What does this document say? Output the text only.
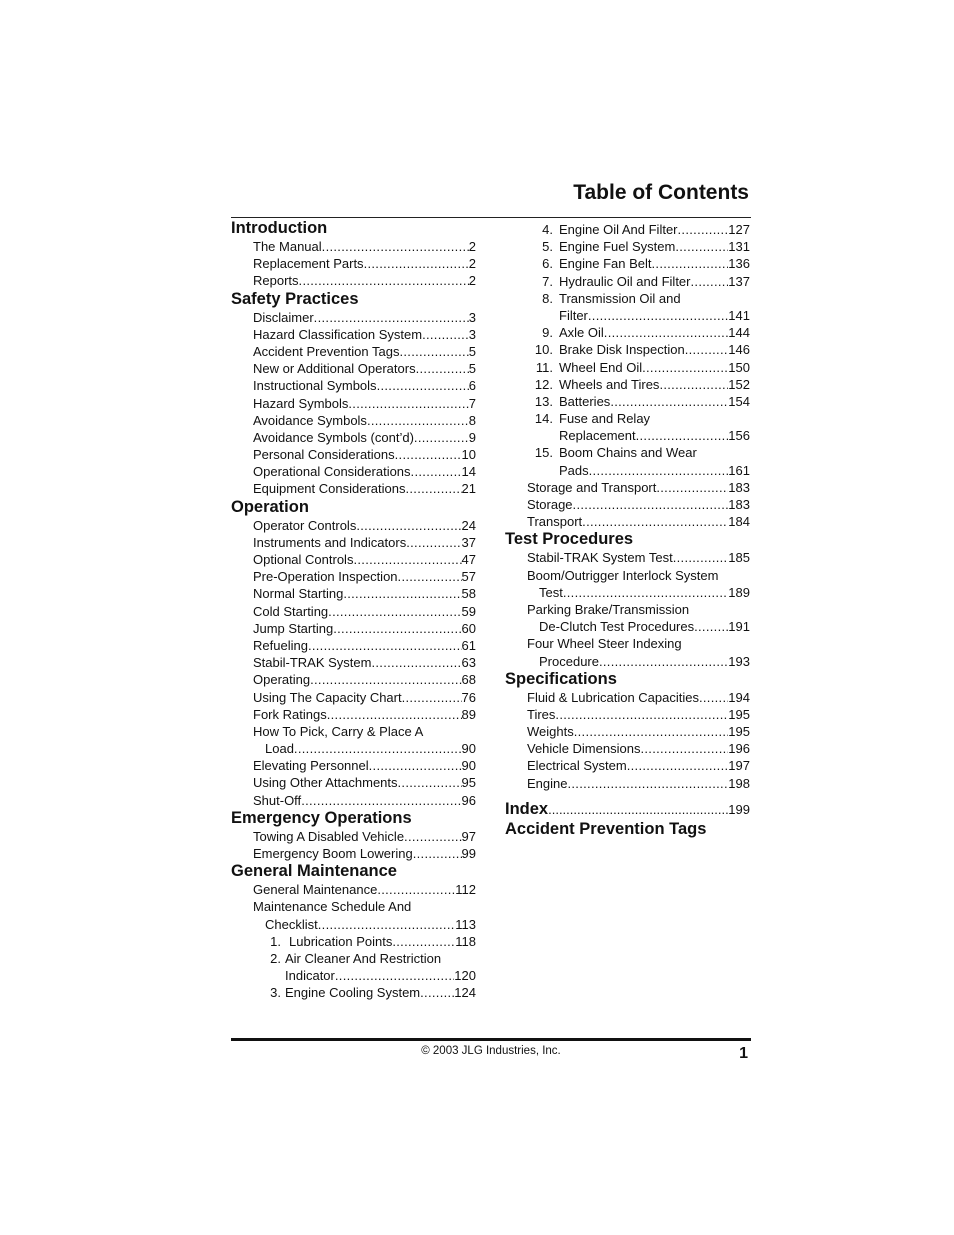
Table of Contents
Introduction
The Manual .....	2
Replacement Parts .....	2
Reports .....	2
Safety Practices
Disclaimer .....	3
Hazard Classification System .....	3
Accident Prevention Tags .....	5
New or Additional Operators .....	5
Instructional Symbols .....	6
Hazard Symbols .....	7
Avoidance Symbols .....	8
Avoidance Symbols (cont’d) .....	9
Personal Considerations .....	10
Operational Considerations .....	14
Equipment Considerations .....	21
Operation
Operator Controls .....	24
Instruments and Indicators .....	37
Optional Controls .....	47
Pre-Operation Inspection .....	57
Normal Starting .....	58
Cold Starting .....	59
Jump Starting .....	60
Refueling .....	61
Stabil-TRAK System .....	63
Operating .....	68
Using The Capacity Chart .....	76
Fork Ratings .....	89
How To Pick, Carry & Place A
Load .....	90
Elevating Personnel .....	90
Using Other Attachments .....	95
Shut-Off .....	96
Emergency Operations
Towing A Disabled Vehicle .....	97
Emergency Boom Lowering .....	99
General Maintenance
General Maintenance .....	112
Maintenance Schedule And
Checklist .....	113
1. Lubrication Points .....	118
2. Air Cleaner And Restriction
Indicator .....	120
3. Engine Cooling System .....	124
4. Engine Oil And Filter .....	127
5. Engine Fuel System .....	131
6. Engine Fan Belt .....	136
7. Hydraulic Oil and Filter .....	137
8. Transmission Oil and
Filter .....	141
9. Axle Oil .....	144
10. Brake Disk Inspection .....	146
11. Wheel End Oil .....	150
12. Wheels and Tires .....	152
13. Batteries .....	154
14. Fuse and Relay
Replacement .....	156
15. Boom Chains and Wear
Pads .....	161
Storage and Transport .....	183
Storage .....	183
Transport .....	184
Test Procedures
Stabil-TRAK System Test .....	185
Boom/Outrigger Interlock System
Test .....	189
Parking Brake/Transmission
De-Clutch Test Procedures .....	191
Four Wheel Steer Indexing
Procedure .....	193
Specifications
Fluid & Lubrication Capacities ..... 194
Tires .....	195
Weights .....	195
Vehicle Dimensions .....	196
Electrical System .....	197
Engine .....	198
Index .....	199
Accident Prevention Tags
© 2003 JLG Industries, Inc.	1
